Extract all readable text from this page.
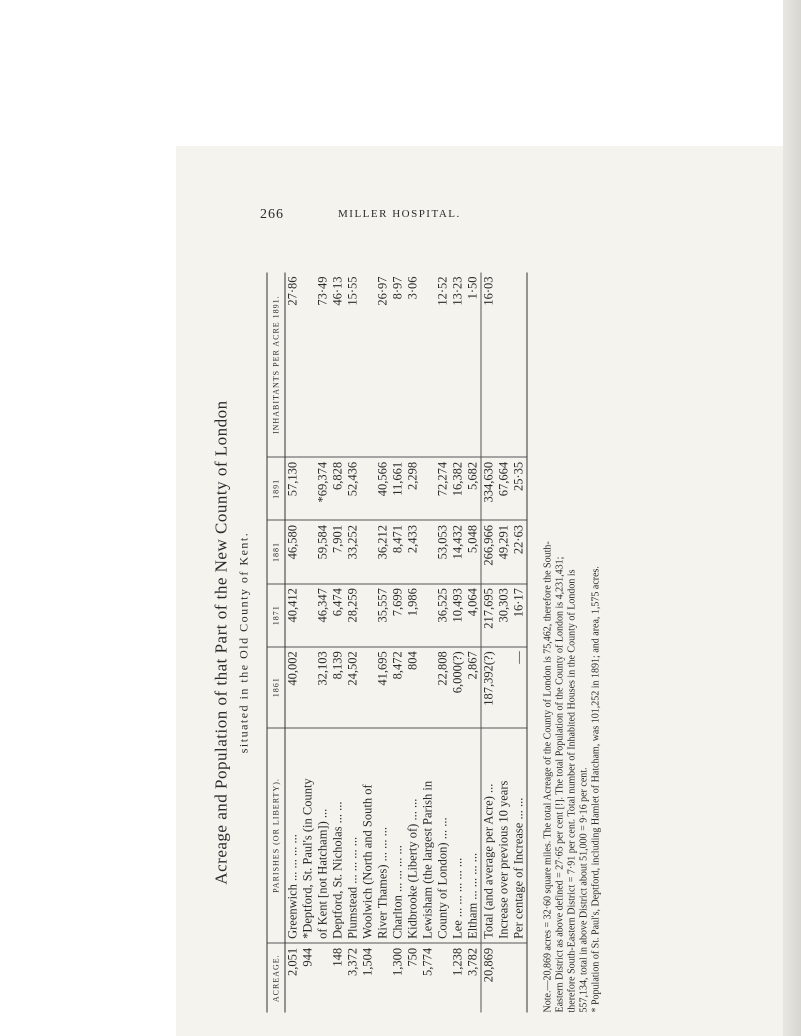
266	MILLER HOSPITAL.
Acreage and Population of that Part of the New County of London situated in the Old County of Kent.
ACREAGE.	PARISHES (OR LIBERTY).	1861	1871	1881	1891	INHABITANTS PER ACRE 1891.
2,051	Greenwich ... ... ... ...	40,002	40,412	46,580	57,130	27·86
944	*Deptford, St. Paul's (in County					
	of Kent [not Hatcham]) ...	32,103	46,347	59,584	*69,374	73·49
148	Deptford, St. Nicholas ... ...	8,139	6,474	7,901	6,828	46·13
3,372	Plumstead ... ... ... ...	24,502	28,259	33,252	52,436	15·55
1,504	Woolwich (North and South of					
	River Thames) ... ... ...	41,695	35,557	36,212	40,566	26·97
1,300	Charlton ... ... ... ...	8,472	7,699	8,471	11,661	8·97
750	Kidbrooke (Liberty of) ... ...	804	1,986	2,433	2,298	3·06
5,774	Lewisham (the largest Parish in					
	County of London) ... ...	22,808	36,525	53,053	72,274	12·52
1,238	Lee ... ... ... ... ...	6,000(?)	10,493	14,432	16,382	13·23
3,782	Eltham ... ... ... ...	2,867	4,064	5,048	5,682	1·50
20,869	Total (and average per Acre) ...	187,392(?)	217,695	266,966	334,630	16·03
	Increase over previous 10 years		30,303	49,291	67,664	
	Per centage of Increase ... ...	—	16·17	22·63	25·35	

Note.—20,869 acres = 32·60 square miles. The total Acreage of the County of London is 75,462, therefore the South- Eastern District as above defined = 27·65 per cent [!]. The total Population of the County of London is 4,231,431; therefore South-Eastern District = 7·91 per cent. Total number of Inhabited Houses in the County of London is 557,134, total in above District about 51,000 = 9·16 per cent. * Population of St. Paul's, Deptford, including Hamlet of Hatcham, was 101,252 in 1891; and area, 1,575 acres.
